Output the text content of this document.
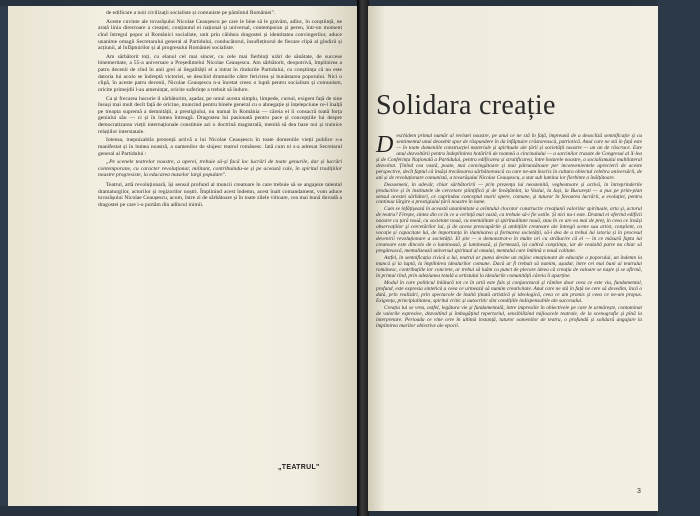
de edificare a noii civilizații socialiste și comuniste pe pămîntul României".

Aceste cuvinte ale tovarășului Nicolae Ceaușescu pe care le bine să le gravăm, adînc, în conștiință, ne arată linia directoare a creației, conținutul ei național și universal, contemporan și peren, într-un moment cînd întregul popor al Românici socialiste, unit prin căldura dragostei și identitatea convingerilor, aduce unanime omagii Secretarului general al Partidului, conducătorul, însuflețitorul de fiecare clipă al gîndirii și acțiunii, al înfăptuirilor și al progresului României socialiste.

Am sărbătorit toți, cu elanul cel mai sincer, cu cele mai fierbinți urări de sănătate, de succese binemeritate, a 55-a aniversare a Președintelui Nicolae Ceaușescu. Am sărbătorit, deopotrivă, împlinirea a patru decenii de cînd în anii grei ai ilegalității el a intrat în rîndurile Partidului, cu conștiința că nu este datoria lui acolo se îndreptă victoriei, se deschid drumurile către fericirea și bunăstarea poporului. Nici o clipă, în aceste patru decenii, Nicolae Ceaușescu n-a încetat creez o luptă pentru socialism și comunism, oricite primejdii l-au amenințat, oricite suferințe a trebuit să îndure.

Ca și frecarea hucurie il sărbătorim, așadar, pe omul acesta simplu, limpede, cursul, exigent față de sine însuși mai mult decît față de oricine, muncind pentru binele general cu o abnegație și înțelepciune ce-l înalță pe treapta supremă a demnității, a prestigiului, nu numai în România — căreia el îi consacră toată forța geniului său — ci și în lumea întreagă. Dragostea lui pasionată pentru pace și concepțiile lui despre democratizarea vieții internaționale constituie azi o doctrină magistrală, menită să dea baze noi și trainice relațiilor interstatale.

Iotensa, inepuizabila prezență activă a lui Nicolae Ceaușescu în toate domeniile vieții publice s-a manifestat și în lumea noastră, a oamenilor de slujesc teatrul românesc. Iată cum ni s-a adresat Secretarul general al Partidului :

„Pe scenele teatrelor noastre, a operei, trebuie să-și facă loc lucrări de toate genurile, dar și lucrări contemporane, cu caracter revoluționar, militant, contribuindu-se și pe această cale, în spiritul tradițiilor noastre progresiste, la educarea maselor largi populare".

Teatrul, artă revoluționară, își sensul profund al muncii creatoare în care trebuie să se angajeze talentul dramaturgilor, actorilor și regizorilor noștri. Împlinind acest îndemn, acest înalt comandament, vom aduce tovarășului Nicolae Ceaușescu, acum, între zi de sărbătoare și în toate zilele viitoare, cea mai bună dovadă a dragostei pe care i-o purtăm din adîncul inimii.

„TEATRUL"
Solidara creație

Deschidem primul număr al revistei noastre, pe anul ce ne stă în față, împreună de a desocliză semnificație și cu sentimentul unui deosebit spor de răspundere în da înfăptuire crăstorească, patriotică. Anul care ne stă în față este — în toate domeniile construcției materiale și spirituale ale țării și societății noastre — un an de răscruce. Este anul dezvoltării pentru îndeplinirea hotărîrii de toamnă a cincinalului — a sarcinilor trasate de Congresul al X-lea și de Conferința Națională a Partidului, pentru edificarea și stratificarea, între hotarele noastre, a socialismului multilateral dezvoltat. Ținînd cea vastă, poate, mai convingătoare și mai pătrunzătoare per inconvenientele aprecierii de aceste perspective, decît faptul că însăși trecătoarea sărbătorească cu care ne-am înscris în cultura obiectul celebra aniversării, de ani și de revoluționare comunistă, a tovarășului Nicolae Ceaușescu, a stat sub lumina lor fierbinte a înălțătoare.

Deasemeni, în adevăr, chiar sărbătoririi — prin prezența lui neostenită, vegheatoare și activă, în întreprinderile productive și în institutele de cercetare științifică și de învățămînt, la Vaslui, la Iași, la București — a pus pe prim-plan sensul acestei sărbători, ce cuprindea conceptul marii opere, comune, și tuturor în favoarea lucrării, a evoluției, pentru continua lărgire a prestigiului țării noastre în lume.

Cum se înfățișează în această unanimitate a avîntului clocotor constructiv creațiunii valorilor spirituale, arta și, actorul de teatru? Firește, sintez din ce în ce a cerință mai vastă, ca trebuie să-i fie ostile. Și nici nu-i este. Dramul ei oferind edificii noastre ca țară nouă, cu societate nouă, cu mentalitate și spiritualitate nouă, stau în ce are ea mai de preț, în ceea ce însăși observațiilor și cercetărilor lui, și de aceea preocupările și ambițiile creatoare ale întregii scene sau artist, conștient, ca vocație și capacitate lui, de importanța în iluminarea și formarea societății, să-i dea de a trebui lui istoria și în procesul devenirii revoluționare a societății. El știe — o demonstrat-o în multe ori cu strălucire că el — în ce măsură fapta lui creatoare este dincolo de o luminoasă, și luminează, și formează, își cultivă conștiința, iar de cealaltă parte nu chiar să pregătească, mentalizează universul spiritual al omului, mentalul care îmbină o nouă calitate.

Astfel, în semnificația civică a lui, teatrul ar putea devine un mijloc emoționant de educație a poporului, un îndemn la muncă și la luptă, la împlinirea idealurilor comune. Dacă ar fi trebuit să numim, așadar, între cei mai buni ai teatrului românesc, contribuțiile lor concrete, ar trebui să luăm ca punct de plecare ideea că creația de valoare se naște și se afirmă, în primul rînd, prin adeziunea totală a artistului la idealurile comunității căreia îi aparține.

Modul în care politicul înlătură tot ce în artă este fals și conjunctural și rămîne doar ceea ce este viu, fundamental, profund, este expresia sintetică a ceea ce urmează să numim creativitate. Anul care ne stă în față ne cere să dovedim, încă o dată, prin realizări, prin spectacole de înaltă ținută artistică și ideologică, ceea ce am promis și ceea ce ne-am propus. Exigența, principialitatea, spiritul critic și autocritic sînt condițiile indispensabile ale succesului.

Creația lui se vrea, astfel, legătura vie și fundamentală, între impresiile în obiectivele pe care le urmărește, contaminat de valorile expresive, dezvoltînd și îmbogățind repertoriul, sensibilizînd mijloacele teatrale, de la scenografie și pînă la interpretare. Perioada ce vine cere în ultimă instanță, tuturor oamenilor de teatru, o profundă și solidară angajare la împlinirea marilor obiective ale epocii.

3
